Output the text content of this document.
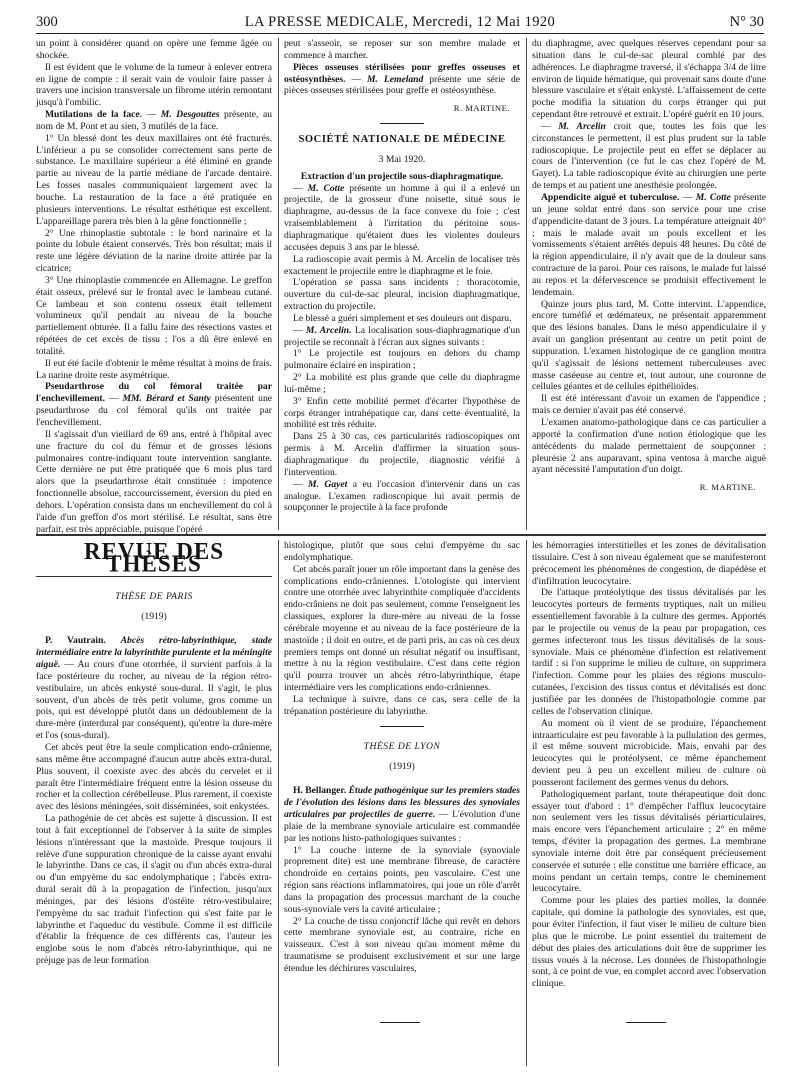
300	LA PRESSE MEDICALE, Mercredi, 12 Mai 1920	N° 30

un point à considérer quand on opère une femme âgée ou shockée.

Il est évident que le volume de la tumeur à enlever entrera en ligne de compte : il serait vain de vouloir faire passer à travers une incision transversale un fibrome utérin remontant jusqu'à l'ombilic.

Mutilations de la face. — M. Desgouttes présente, au nom de M. Pont et au sien, 3 mutilés de la face.

1° Un blessé dont les deux maxillaires ont été fracturés. L'inférieur a pu se consolider correctement sans perte de substance. Le maxillaire supérieur a été éliminé en grande partie au niveau de la partie médiane de l'arcade dentaire. Les fosses nasales communiquaient largement avec la bouche. La restauration de la face a été pratiquée en plusieurs interventions. Le résultat esthétique est excellent. L'appareillage parera très bien à la gêne fonctionnelle ;

2° Une rhinoplastie subtotale : le bord narinaire et la pointe du lobule étaient conservés. Très bon résultat; mais il reste une légère déviation de la narine droite attirée par la cicatrice;

3° Une rhinoplastie commencée en Allemagne. Le greffon était osseux, prélevé sur le frontal avec le lambeau cutané. Ce lambeau et son contenu osseux était tellement volumineux qu'il pendait au niveau de la bouche partiellement obturée. Il a fallu faire des résections vastes et répétées de cet excès de tissu : l'os a dû être enlevé en totalité.

Il eut été facile d'obtenir le même résultat à moins de frais. La narine droite reste asymétrique.

Pseudarthrose du col fémoral traitée par l'enchevillement. — MM. Bérard et Santy présentent une pseudarthrose du col fémoral qu'ils ont traitée par l'enchevillement.

Il s'agissait d'un vieillard de 69 ans, entré à l'hôpital avec une fracture du col du fémur et de grosses lésions pulmonaires contre-indiquant toute intervention sanglante. Cette dernière ne put être pratiquée que 6 mois plus tard alors que la pseudarthrose était constituée : impotence fonctionnelle absolue, raccourcissement, éversion du pied en dehors. L'opération consista dans un enchevillement du col à l'aide d'un greffon d'os mort stérilisé. Le résultat, sans être parfait, est très appréciable, puisque l'opéré

peut s'asseoir, se reposer sur son membre malade et commence à marcher.

Pièces osseuses stérilisées pour greffes osseuses et ostéosynthèses. — M. Lemeland présente une série de pièces osseuses stérilisées pour greffe et ostéosynthèse.

R. MARTINE.
SOCIÉTÉ NATIONALE DE MÉDECINE

3 Mai 1920.

Extraction d'un projectile sous-diaphragmatique.

— M. Cotte présente un homme à qui il a enlevé un projectile, de la grosseur d'une noisette, situé sous le diaphragme, au-dessus de la face convexe du foie ; c'est vraisemblablement à l'irritation du péritoine sous-diaphragmatique qu'étaient dues les violentes douleurs accusées depuis 3 ans par le blessé.

La radioscopie avait permis à M. Arcelin de localiser très exactement le projectile entre le diaphragme et le foie.

L'opération se passa sans incidents : thoracotomie, ouverture du cul-de-sac pleural, incision diaphragmatique, extraction du projectile.

Le blessé a guéri simplement et ses douleurs ont disparu.

— M. Arcelin. La localisation sous-diaphragmatique d'un projectile se reconnaît à l'écran aux signes suivants :

1° Le projectile est toujours en dehors du champ pulmonaire éclairé en inspiration ;

2° La mobilité est plus grande que celle du diaphragme lui-même ;

3° Enfin cette mobilité permet d'écarter l'hypothèse de corps étranger intrahépatique car, dans cette éventualité, la mobilité est très réduite.

Dans 25 à 30 cas, ces particularités radioscopiques ont permis à M. Arcelin d'affirmer la situation sous-diaphragmatique du projectile, diagnostic vérifié à l'intervention.

— M. Gayet a eu l'occasion d'intervenir dans un cas analogue. L'examen radioscopique lui avait permis de soupçonner le projectile à la face profonde

du diaphragme, avec quelques réserves cependant pour sa situation dans le cul-de-sac pleural comblé par des adhérences. Le diaphragme traversé, il s'échappa 3/4 de litre environ de liquide hématique, qui provenait sans doute d'une blessure vasculaire et s'était enkysté. L'affaissement de cette poche modifia la situation du corps étranger qui put cependant être retrouvé et extrait. L'opéré guérit en 10 jours.

— M. Arcelin croit que, toutes les fois que les circonstances le permettent, il est plus prudent sur la table radioscopique. Le projectile peut en effet se déplacer au cours de l'intervention (ce fut le cas chez l'opéré de M. Gayet). La table radioscopique évite au chirurgien une perte de temps et au patient une anesthésie prolongée.

Appendicite aiguë et tuberculose. — M. Cotte présente un jeune soldat entré dans son service pour une crise d'appendicite datant de 3 jours. La température atteignait 40° ; mais le malade avait un pouls excellent et les vomissements s'étaient arrêtés depuis 48 heures. Du côté de la région appendiculaire, il n'y avait que de la douleur sans contracture de la paroi. Pour ces raisons, le malade fut laissé au repos et la défervescence se produisit effectivement le lendemain.

Quinze jours plus tard, M. Cotte intervint. L'appendice, encore tuméfié et œdémateux, ne présentait apparemment que des lésions banales. Dans le méso appendiculaire il y avait un ganglion présentant au centre un petit point de suppuration. L'examen histologique de ce ganglion montra qu'il s'agissait de lésions nettement tuberculeuses avec masse caséeuse au centre et, tout autour, une couronne de cellules géantes et de cellules épithélioïdes.

Il est été intéressant d'avoir un examen de l'appendice ; mais ce dernier n'avait pas été conservé.

L'examen anatomo-pathologique dans ce cas particulier a apporté la confirmation d'une notion étiologique que les antécédents du malade permettaient de soupçonner : pleurésie 2 ans auparavant, spina ventosa à marche aiguë ayant nécessité l'amputation d'un doigt.

R. MARTINE.
REVUE DES THÈSES

THÈSE DE PARIS

(1919)

P. Vautrain. Abcès rétro-labyrinthique, stade intermédiaire entre la labyrinthite purulente et la méningite aiguë. — Au cours d'une otorrhée, il survient parfois à la face postérieure du rocher, au niveau de la région rétro-vestibulaire, un abcès enkysté sous-dural. Il s'agit, le plus souvent, d'un abcès de très petit volume, gros comme un pois, qui est développé plutôt dans un dédoublement de la dure-mère (interdural par conséquent), qu'entre la dure-mère et l'os (sous-dural).

Cet abcès peut être la seule complication endo-crânienne, sans même être accompagné d'aucun autre abcès extra-dural. Plus souvent, il coexiste avec des abcès du cervelet et il paraît être l'intermédiaire fréquent entre la lésion osseuse du rocher et la collection cérébelleuse. Plus rarement, il coexiste avec des lésions méningées, soit disséminées, soit enkystées.

La pathogénie de cet abcès est sujette à discussion. Il est tout à fait exceptionnel de l'observer à la suite de simples lésions n'intéressant que la mastoïde. Presque toujours il relève d'une suppuration chronique de la caisse ayant envahi le labyrinthe. Dans ce cas, il s'agit ou d'un abcès extra-dural ou d'un empyème du sac endolymphatique ; l'abcès extra-dural serait dû à la propagation de l'infection, jusqu'aux méninges, par des lésions d'ostéite rétro-vestibulaire; l'empyème du sac traduit l'infection qui s'est faite par le labyrinthe et l'aqueduc du vestibule. Comme il est difficile d'établir la fréquence de ces différents cas, l'auteur les englobe sous le nom d'abcès rétro-labyrinthique, qui ne préjuge pas de leur formation

histologique, plutôt que sous celui d'empyème du sac endolymphatique.

Cet abcès paraît jouer un rôle important dans la genèse des complications endo-crâniennes. L'otologiste qui intervient contre une otorrhée avec labyrinthite compliquée d'accidents endo-crâniens ne doit pas seulement, comme l'enseignent les classiques, explorer la dure-mère au niveau de la fosse cérébrale moyenne et au niveau de la face postérieure de la mastoïde ; il doit en outre, et de parti pris, au cas où ces deux premiers temps ont donné un résultat négatif ou insuffisant, mettre à nu la région vestibulaire. C'est dans cette région qu'il pourra trouver un abcès rétro-labyrinthique, étape intermédiaire vers les complications endo-crâniennes.

La technique à suivre, dans ce cas, sera celle de la trépanation postérieure du labyrinthe.

THÈSE DE LYON

(1919)

H. Bellanger. Étude pathogénique sur les premiers stades de l'évolution des lésions dans les blessures des synoviales articulaires par projectiles de guerre. — L'évolution d'une plaie de la membrane synoviale articulaire est commandée par les notions histo-pathologiques suivantes :

1° La couche interne de la synoviale (synoviale proprement dite) est une membrane fibreuse, de caractère chondroïde en certains points, peu vasculaire. C'est une région sans réactions inflammatoires, qui joue un rôle d'arrêt dans la propagation des processus marchant de la couche sous-synoviale vers la cavité articulaire ;

2° La couche de tissu conjonctif lâche qui revêt en dehors cette membrane synoviale est, au contraire, riche en vaisseaux. C'est à son niveau qu'au moment même du traumatisme se produisent exclusivement et sur une large étendue les déchirures vasculaires,

les hémorragies interstitielles et les zones de dévitalisation tissulaire. C'est à son niveau également que se manifesteront précocement les phénomènes de congestion, de diapédèse et d'infiltration leucocytaire.

De l'attaque protéolytique des tissus dévitalisés par les leucocytes porteurs de ferments tryptiques, naît un milieu essentiellement favorable à la culture des germes. Apportés par le projectile ou venus de la peau par propagation, ces germes infecteront tous les tissus dévitalisés de la sous-synoviale. Mais ce phénomène d'infection est relativement tardif : si l'on supprime le milieu de culture, on supprimera l'infection. Comme pour les plaies des régions musculo-cutanées, l'excision des tissus contus et dévitalisés est donc justifiée par les données de l'histopathologie comme par celles de l'observation clinique.

Au moment où il vient de se produire, l'épanchement intraarticulaire est peu favorable à la pullulation des germes, il est même souvent microbicide. Mais, envahi par des leucocytes qui le protéolysent, ce même épanchement devient peu à peu un excellent milieu de culture où pousseront facilement des germes venus du dehors.

Pathologiquement parlant, toute thérapeutique doit donc essayer tout d'abord : 1° d'empêcher l'afflux leucocytaire non seulement vers les tissus dévitalisés périarticulaires, mais encore vers l'épanchement articulaire ; 2° en même temps, d'éviter la propagation des germes. La membrane synoviale interne doit être par conséquent précieusement conservée et suturée : elle constitue une barrière efficace, au moins pendant un certain temps, contre le cheminement leucocytaire.

Comme pour les plaies des parties molles, la donnée capitale, qui domine la pathologie des synoviales, est que, pour éviter l'infection, il faut viser le milieu de culture bien plus que le microbe. Le point essentiel du traitement de début des plaies des articulations doit être de supprimer les tissus voués à la nécrose. Les données de l'histopathologie sont, à ce point de vue, en complet accord avec l'observation clinique.
